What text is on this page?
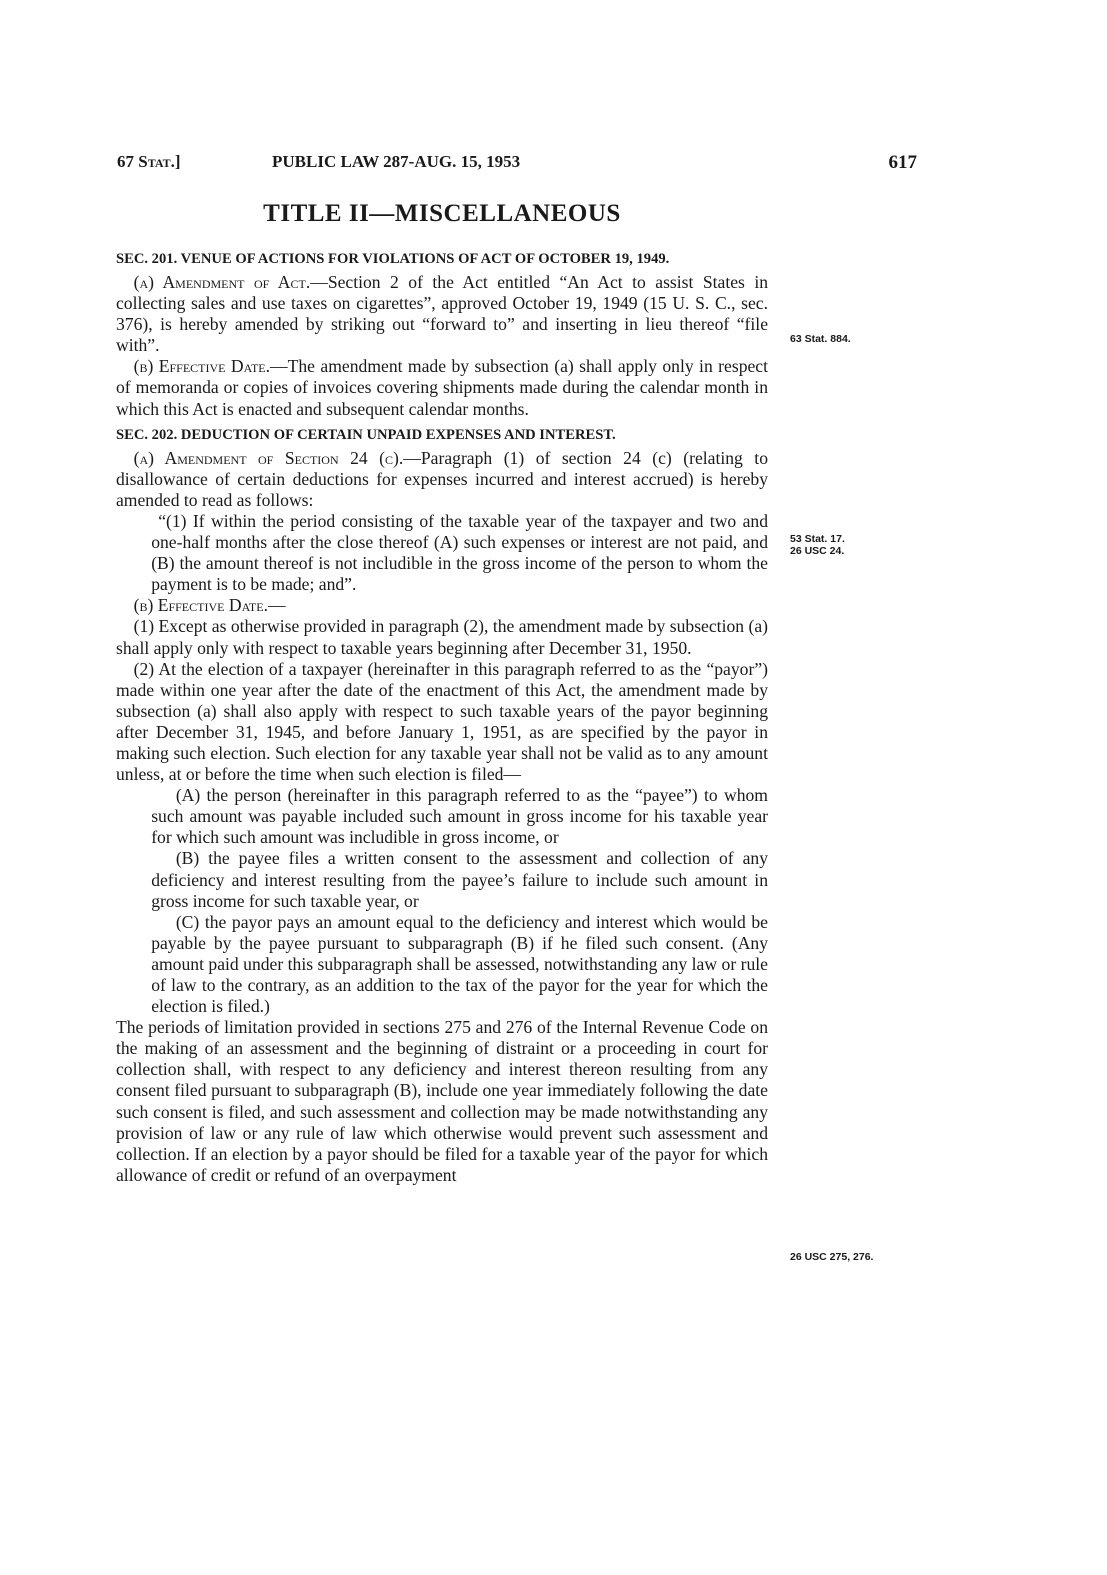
67 Stat.]	PUBLIC LAW 287-AUG. 15, 1953	617
TITLE II—MISCELLANEOUS
SEC. 201. VENUE OF ACTIONS FOR VIOLATIONS OF ACT OF OCTOBER 19, 1949.

(a) Amendment of Act.—Section 2 of the Act entitled “An Act to assist States in collecting sales and use taxes on cigarettes”, approved October 19, 1949 (15 U. S. C., sec. 376), is hereby amended by striking out “forward to” and inserting in lieu thereof “file with”.

(b) Effective Date.—The amendment made by subsection (a) shall apply only in respect of memoranda or copies of invoices covering shipments made during the calendar month in which this Act is enacted and subsequent calendar months.

SEC. 202. DEDUCTION OF CERTAIN UNPAID EXPENSES AND INTEREST.

(a) Amendment of Section 24 (c).—Paragraph (1) of section 24 (c) (relating to disallowance of certain deductions for expenses incurred and interest accrued) is hereby amended to read as follows:

“(1) If within the period consisting of the taxable year of the taxpayer and two and one-half months after the close thereof (A) such expenses or interest are not paid, and (B) the amount thereof is not includible in the gross income of the person to whom the payment is to be made; and”.

(b) Effective Date.—

(1) Except as otherwise provided in paragraph (2), the amendment made by subsection (a) shall apply only with respect to taxable years beginning after December 31, 1950.

(2) At the election of a taxpayer (hereinafter in this paragraph referred to as the “payor”) made within one year after the date of the enactment of this Act, the amendment made by subsection (a) shall also apply with respect to such taxable years of the payor beginning after December 31, 1945, and before January 1, 1951, as are specified by the payor in making such election. Such election for any taxable year shall not be valid as to any amount unless, at or before the time when such election is filed—

(A) the person (hereinafter in this paragraph referred to as the “payee”) to whom such amount was payable included such amount in gross income for his taxable year for which such amount was includible in gross income, or

(B) the payee files a written consent to the assessment and collection of any deficiency and interest resulting from the payee’s failure to include such amount in gross income for such taxable year, or

(C) the payor pays an amount equal to the deficiency and interest which would be payable by the payee pursuant to subparagraph (B) if he filed such consent. (Any amount paid under this subparagraph shall be assessed, notwithstanding any law or rule of law to the contrary, as an addition to the tax of the payor for the year for which the election is filed.)

The periods of limitation provided in sections 275 and 276 of the Internal Revenue Code on the making of an assessment and the beginning of distraint or a proceeding in court for collection shall, with respect to any deficiency and interest thereon resulting from any consent filed pursuant to subparagraph (B), include one year immediately following the date such consent is filed, and such assessment and collection may be made notwithstanding any provision of law or any rule of law which otherwise would prevent such assessment and collection. If an election by a payor should be filed for a taxable year of the payor for which allowance of credit or refund of an overpayment

63 Stat. 884.
53 Stat. 17.
26 USC 24.
26 USC 275, 276.
